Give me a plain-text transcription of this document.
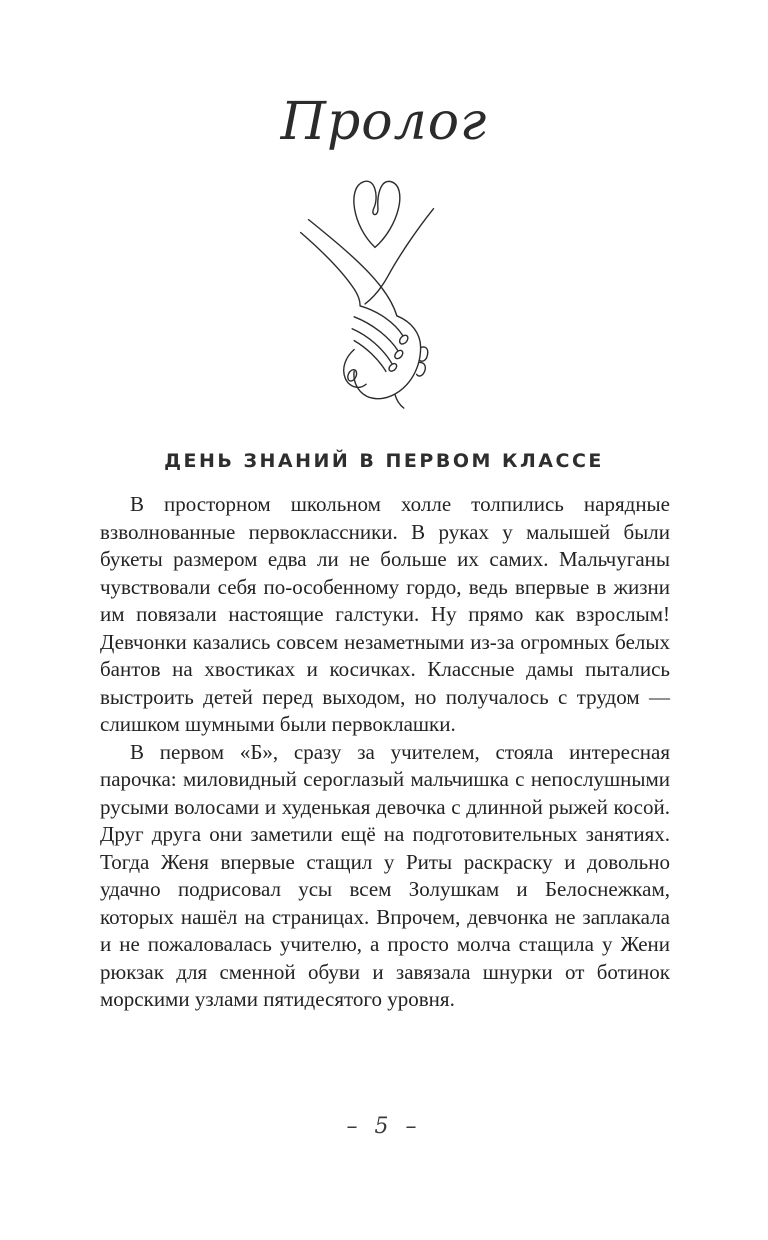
Пролог
ДЕНЬ ЗНАНИЙ В ПЕРВОМ КЛАССЕ

В просторном школьном холле толпились нарядные взволнованные первоклассники. В руках у малышей были букеты размером едва ли не больше их самих. Мальчуганы чувствовали себя по-особенному гордо, ведь впервые в жизни им повязали настоящие галстуки. Ну прямо как взрослым! Девчонки казались совсем незаметными из-за огромных белых бантов на хвостиках и косичках. Классные дамы пытались выстроить детей перед выходом, но получалось с трудом — слишком шумными были первоклашки.

В первом «Б», сразу за учителем, стояла интересная парочка: миловидный сероглазый мальчишка с непослушными русыми волосами и худенькая девочка с длинной рыжей косой. Друг друга они заметили ещё на подготовительных занятиях. Тогда Женя впервые стащил у Риты раскраску и довольно удачно подрисовал усы всем Золушкам и Белоснежкам, которых нашёл на страницах. Впрочем, девчонка не заплакала и не пожаловалась учителю, а просто молча стащила у Жени рюкзак для сменной обуви и завязала шнурки от ботинок морскими узлами пятидесятого уровня.

– 5 –
